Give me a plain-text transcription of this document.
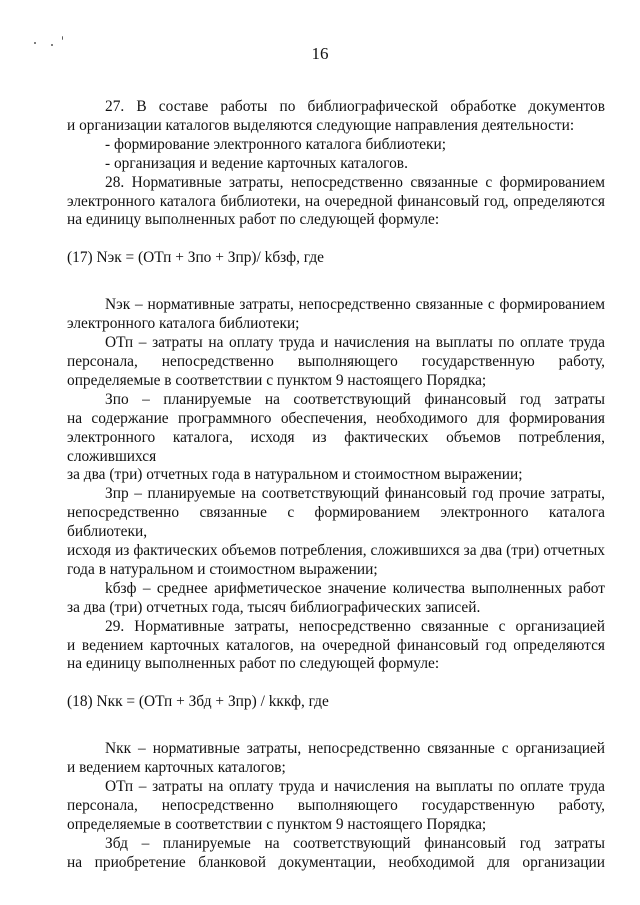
16

27. В составе работы по библиографической обработке документов

и организации каталогов выделяются следующие направления деятельности:

- формирование электронного каталога библиотеки;

- организация и ведение карточных каталогов.

28. Нормативные затраты, непосредственно связанные с формированием

электронного каталога библиотеки, на очередной финансовый год, определяются

на единицу выполненных работ по следующей формуле:

(17) Nэк = (ОТп + Зпо + Зпр)/ kбзф, где

Nэк – нормативные затраты, непосредственно связанные с формированием

электронного каталога библиотеки;

ОТп – затраты на оплату труда и начисления на выплаты по оплате труда

персонала, непосредственно выполняющего государственную работу,

определяемые в соответствии с пунктом 9 настоящего Порядка;

Зпо – планируемые на соответствующий финансовый год затраты

на содержание программного обеспечения, необходимого для формирования

электронного каталога, исходя из фактических объемов потребления, сложившихся

за два (три) отчетных года в натуральном и стоимостном выражении;

Зпр – планируемые на соответствующий финансовый год прочие затраты,

непосредственно связанные с формированием электронного каталога библиотеки,

исходя из фактических объемов потребления, сложившихся за два (три) отчетных

года в натуральном и стоимостном выражении;

kбзф – среднее арифметическое значение количества выполненных работ

за два (три) отчетных года, тысяч библиографических записей.

29. Нормативные затраты, непосредственно связанные с организацией

и ведением карточных каталогов, на очередной финансовый год определяются

на единицу выполненных работ по следующей формуле:

(18) Nкк = (ОТп + Збд + Зпр) / kккф, где

Nкк – нормативные затраты, непосредственно связанные с организацией

и ведением карточных каталогов;

ОТп – затраты на оплату труда и начисления на выплаты по оплате труда

персонала, непосредственно выполняющего государственную работу,

определяемые в соответствии с пунктом 9 настоящего Порядка;

Збд – планируемые на соответствующий финансовый год затраты

на приобретение бланковой документации, необходимой для организации
